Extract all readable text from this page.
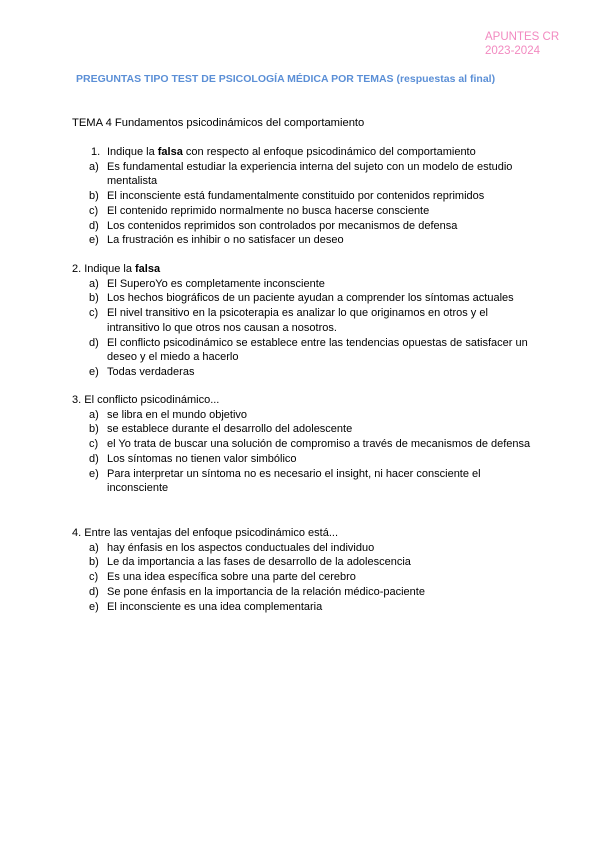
APUNTES CR
2023-2024
PREGUNTAS TIPO TEST DE PSICOLOGÍA MÉDICA POR TEMAS (respuestas al final)
TEMA 4 Fundamentos psicodinámicos del comportamiento
1. Indique la falsa con respecto al enfoque psicodinámico del comportamiento
a) Es fundamental estudiar la experiencia interna del sujeto con un modelo de estudio mentalista
b) El inconsciente está fundamentalmente constituido por contenidos reprimidos
c) El contenido reprimido normalmente no busca hacerse consciente
d) Los contenidos reprimidos son controlados por mecanismos de defensa
e) La frustración es inhibir o no satisfacer un deseo
2. Indique la falsa
a) El SuperoYo es completamente inconsciente
b) Los hechos biográficos de un paciente ayudan a comprender los síntomas actuales
c) El nivel transitivo en la psicoterapia es analizar lo que originamos en otros y el intransitivo lo que otros nos causan a nosotros.
d) El conflicto psicodinámico se establece entre las tendencias opuestas de satisfacer un deseo y el miedo a hacerlo
e) Todas verdaderas
3. El conflicto psicodinámico...
a) se libra en el mundo objetivo
b) se establece durante el desarrollo del adolescente
c) el Yo trata de buscar una solución de compromiso a través de mecanismos de defensa
d) Los síntomas no tienen valor simbólico
e) Para interpretar un síntoma no es necesario el insight, ni hacer consciente el inconsciente
4. Entre las ventajas del enfoque psicodinámico está...
a) hay énfasis en los aspectos conductuales del individuo
b) Le da importancia a las fases de desarrollo de la adolescencia
c) Es una idea específica sobre una parte del cerebro
d) Se pone énfasis en la importancia de la relación médico-paciente
e) El inconsciente es una idea complementaria
